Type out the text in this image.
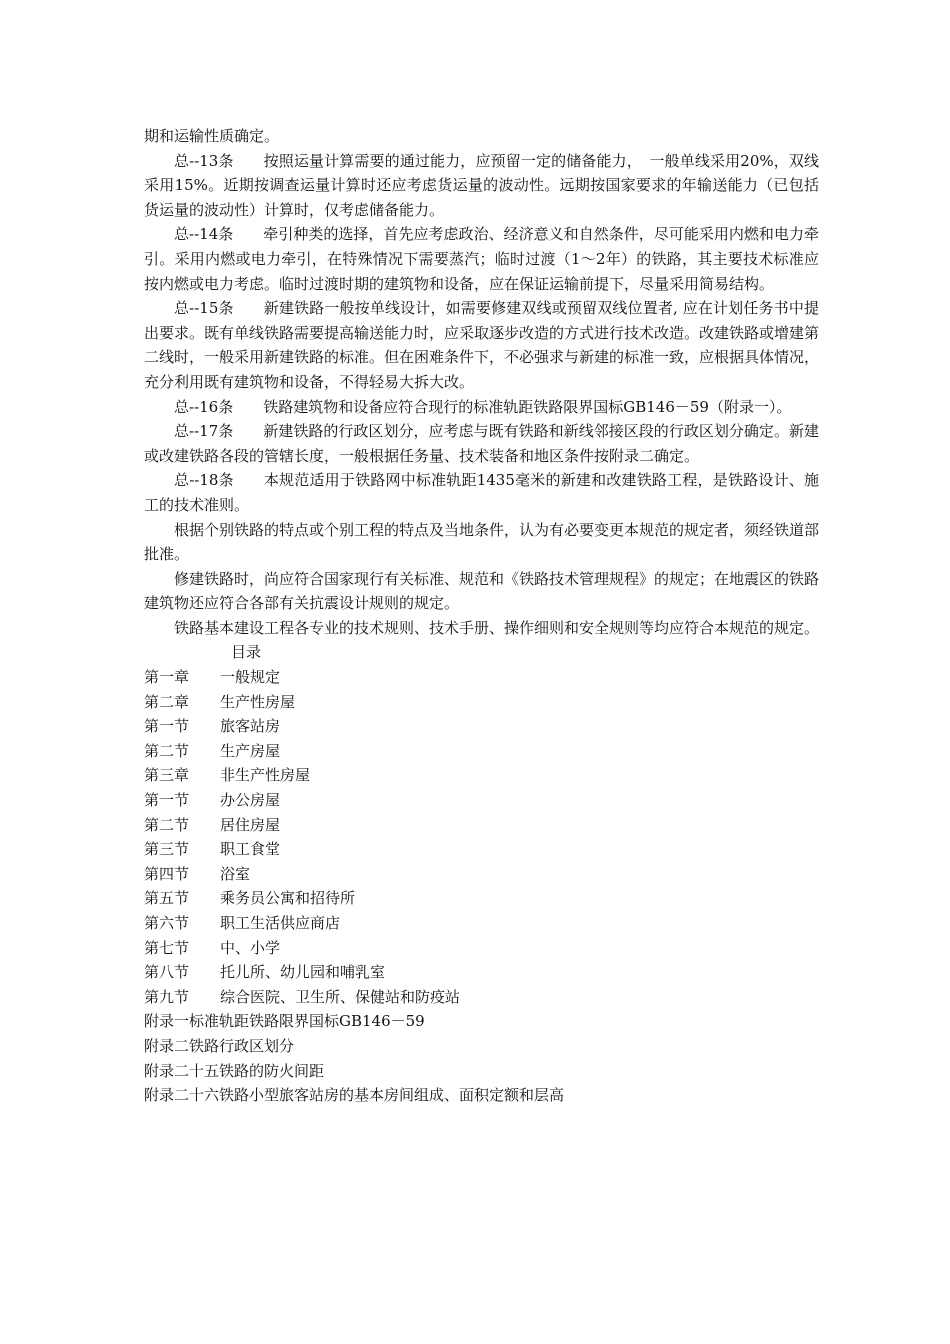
期和运输性质确定。

总--13条 按照运量计算需要的通过能力，应预留一定的储备能力，　一般单线采用20%，双线采用15%。近期按调查运量计算时还应考虑货运量的波动性。远期按国家要求的年输送能力（已包括货运量的波动性）计算时，仅考虑储备能力。

总--14条 牵引种类的选择，首先应考虑政治、经济意义和自然条件，尽可能采用内燃和电力牵引。采用内燃或电力牵引，在特殊情况下需要蒸汽；临时过渡（1～2年）的铁路，其主要技术标准应按内燃或电力考虑。临时过渡时期的建筑物和设备，应在保证运输前提下，尽量采用简易结构。

总--15条 新建铁路一般按单线设计，如需要修建双线或预留双线位置者, 应在计划任务书中提出要求。既有单线铁路需要提高输送能力时，应采取逐步改造的方式进行技术改造。改建铁路或增建第二线时，一般采用新建铁路的标准。但在困难条件下，不必强求与新建的标准一致，应根据具体情况，充分利用既有建筑物和设备，不得轻易大拆大改。

总--16条 铁路建筑物和设备应符合现行的标准轨距铁路限界国标GB146－59（附录一）。

总--17条 新建铁路的行政区划分，应考虑与既有铁路和新线邻接区段的行政区划分确定。新建或改建铁路各段的管辖长度，一般根据任务量、技术装备和地区条件按附录二确定。

总--18条 本规范适用于铁路网中标准轨距1435毫米的新建和改建铁路工程，是铁路设计、施工的技术准则。

根据个别铁路的特点或个别工程的特点及当地条件，认为有必要变更本规范的规定者，须经铁道部批准。

修建铁路时，尚应符合国家现行有关标准、规范和《铁路技术管理规程》的规定；在地震区的铁路建筑物还应符合各部有关抗震设计规则的规定。

铁路基本建设工程各专业的技术规则、技术手册、操作细则和安全规则等均应符合本规范的规定。

目录

第一章 一般规定

第二章 生产性房屋

第一节 旅客站房

第二节 生产房屋

第三章 非生产性房屋

第一节 办公房屋

第二节 居住房屋

第三节 职工食堂

第四节 浴室

第五节 乘务员公寓和招待所

第六节 职工生活供应商店

第七节 中、小学

第八节 托儿所、幼儿园和哺乳室

第九节 综合医院、卫生所、保健站和防疫站

附录一标准轨距铁路限界国标GB146－59

附录二铁路行政区划分

附录二十五铁路的防火间距

附录二十六铁路小型旅客站房的基本房间组成、面积定额和层高
